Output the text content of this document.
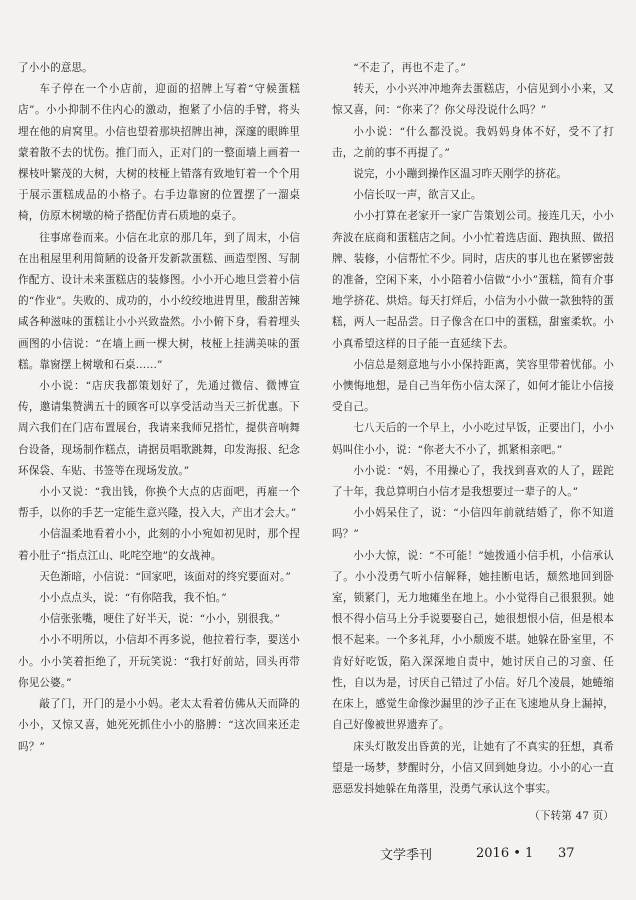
了小小的意思。

车子停在一个小店前，迎面的招牌上写着“守候蛋糕店”。小小抑制不住内心的激动，抱紧了小信的手臂，将头埋在他的肩窝里。小信也望着那块招牌出神，深邃的眼眸里蒙着散不去的忧伤。推门而入，正对门的一整面墙上画着一棵枝叶繁茂的大树，大树的枝桠上错落有致地钉着一个个用于展示蛋糕成品的小格子。右手边靠窗的位置摆了一溜桌椅，仿原木树墩的椅子搭配仿青石质地的桌子。

往事席卷而来。小信在北京的那几年，到了周末，小信在出租屋里利用简陋的设备开发新款蛋糕、画造型图、写制作配方、设计未来蛋糕店的装修图。小小开心地旦尝着小信的“作业”。失败的、成功的，小小绞绞地进胃里，酸甜苦辣咸各种滋味的蛋糕让小小兴致盎然。小小俯下身，看着埋头画图的小信说：“在墙上画一棵大树，枝桠上挂满美味的蛋糕。靠窗摆上树墩和石桌……”

小小说：“店庆我都策划好了，先通过微信、微博宣传，邀请集赞满五十的顾客可以享受活动当天三折优惠。下周六我们在门店布置展台，我请来我师兄搭忙，提供音响舞台设备，现场制作糕点，请据员唱歌跳舞，印发海报、纪念环保袋、车贴、书签等在现场发放。”

小小又说：“我出钱，你换个大点的店面吧，再雇一个帮手，以你的手艺一定能生意兴隆，投入大，产出才会大。”

小信温柔地看着小小，此刻的小小宛如初见时，那个捏着小肚子“指点江山、叱咤空地”的女战神。

天色渐暗，小信说：“回家吧，该面对的终究要面对。”

小小点点头，说：“有你陪我，我不怕。”

小信张张嘴，哽住了好半天，说：“小小，别很我。”

小小不明所以，小信却不再多说，他拉着行李，要送小小。小小笑着拒绝了，开玩笑说：“我打好前站，回头再带你见公婆。”

敲了门，开门的是小小妈。老太太看着仿佛从天而降的小小，又惊又喜，她死死抓住小小的胳膊：“这次回来还走吗？”

“不走了，再也不走了。”

转天，小小兴冲冲地奔去蛋糕店，小信见到小小来，又惊又喜，问：“你来了？你父母没说什么吗？”

小小说：“什么都没说。我妈妈身体不好，受不了打击，之前的事不再提了。”

说完，小小蹦到操作区温习昨天刚学的挤花。

小信长叹一声，欲言又止。

小小打算在老家开一家广告策划公司。接连几天，小小奔波在底商和蛋糕店之间。小小忙着选店面、跑执照、做招牌、装修，小信帮忙不少。同时，店庆的事儿也在紧锣密鼓的准备，空闲下来，小小陪着小信做“小小”蛋糕，简有介事地学挤花、烘焙。每天打烊后，小信为小小做一款独特的蛋糕，两人一起品尝。日子像含在口中的蛋糕，甜蜜柔软。小小真希望这样的日子能一直延续下去。

小信总是刻意地与小小保持距离，笑容里带着忧郁。小小懊悔地想，是自己当年伤小信太深了，如何才能让小信接受自己。

七八天后的一个早上，小小吃过早饭，正要出门，小小妈叫住小小，说：“你老大不小了，抓紧相亲吧。”

小小说：“妈，不用操心了，我找到喜欢的人了，蹉跎了十年，我总算明白小信才是我想要过一辈子的人。”

小小妈呆住了，说：“小信四年前就结婚了，你不知道吗？”

小小大惊，说：“不可能！”她拨通小信手机，小信承认了。小小没勇气听小信解释，她挂断电话，颓然地回到卧室，锁紧门，无力地瘫坐在地上。小小觉得自己很狠狈。她恨不得小信马上分手说要娶自己，她很想恨小信，但是根本恨不起来。一个多礼拜，小小颓废不堪。她躲在卧室里，不肯好好吃饭，陷入深深地自责中，她讨厌自己的习蛮、任性，自以为是，讨厌自己错过了小信。好几个凌晨，她蜷缩在床上，感觉生命像沙漏里的沙子正在飞速地从身上漏掉，自己好像被世界遗弃了。

床头灯散发出昏黄的光，让她有了不真实的狂想，真希望是一场梦，梦醒时分，小信又回到她身边。小小的心一直惡惡发抖她躲在角落里，没勇气承认这个事实。

（下转第 47 页）
文学季刊	2016 • 1 37
